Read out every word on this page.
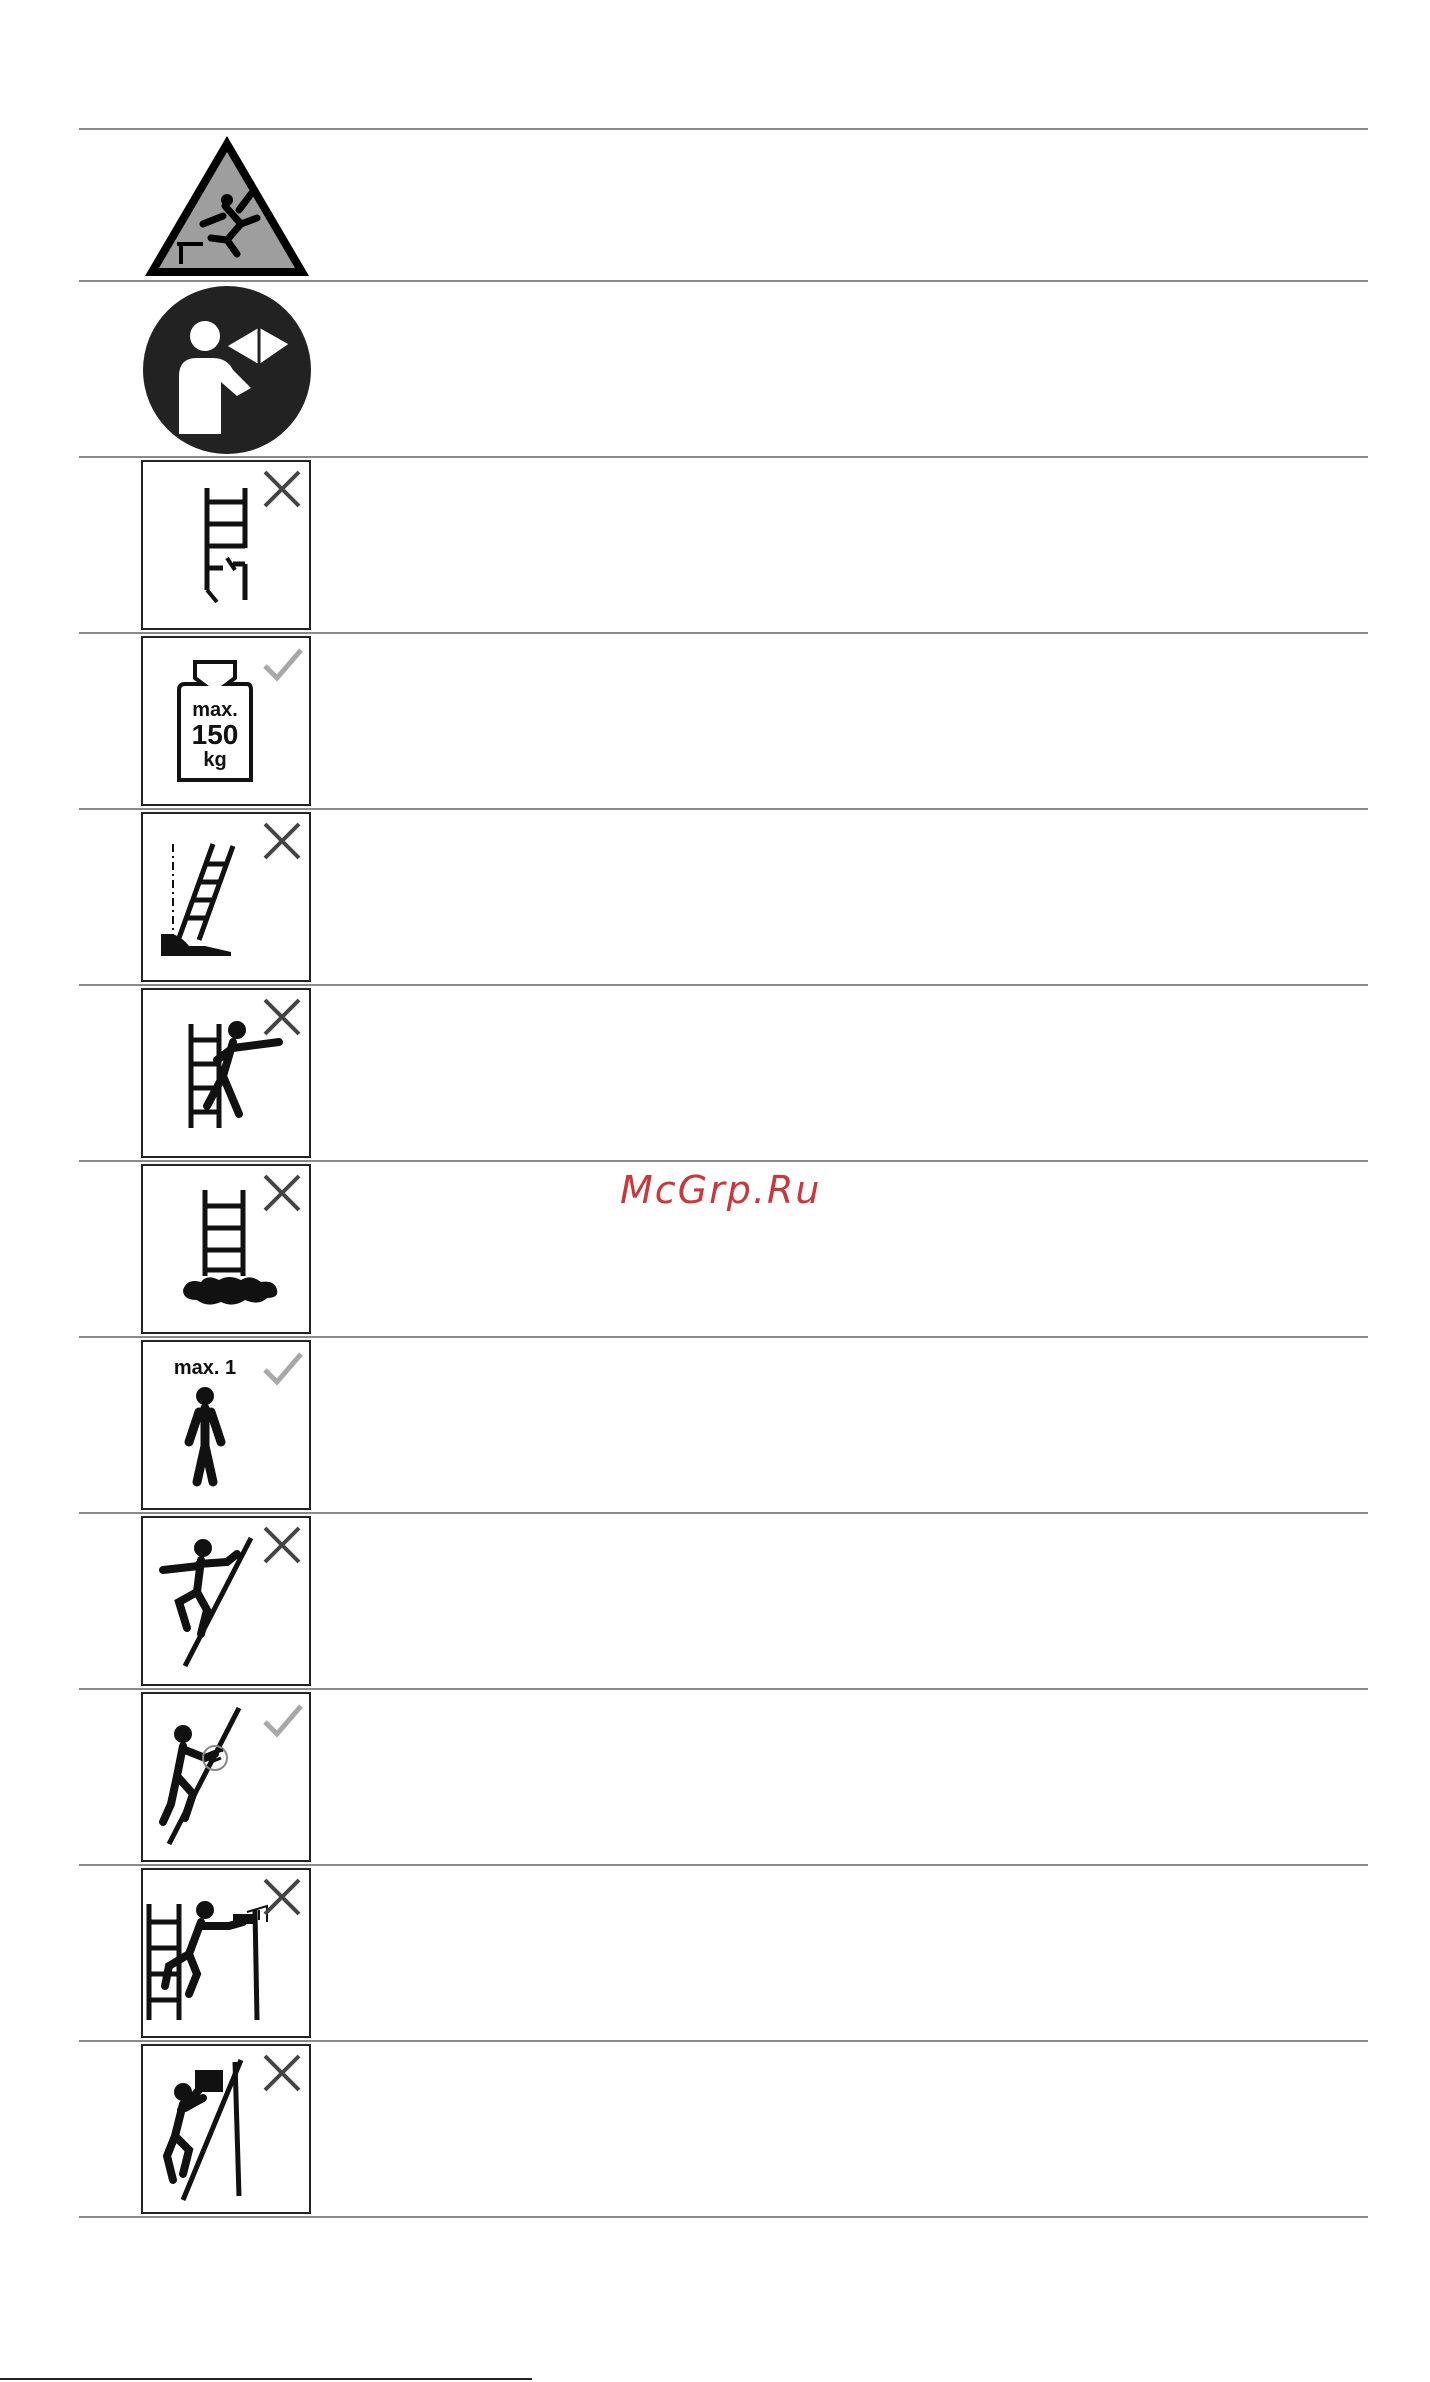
max.
150
kg
max. 1
McGrp.Ru
